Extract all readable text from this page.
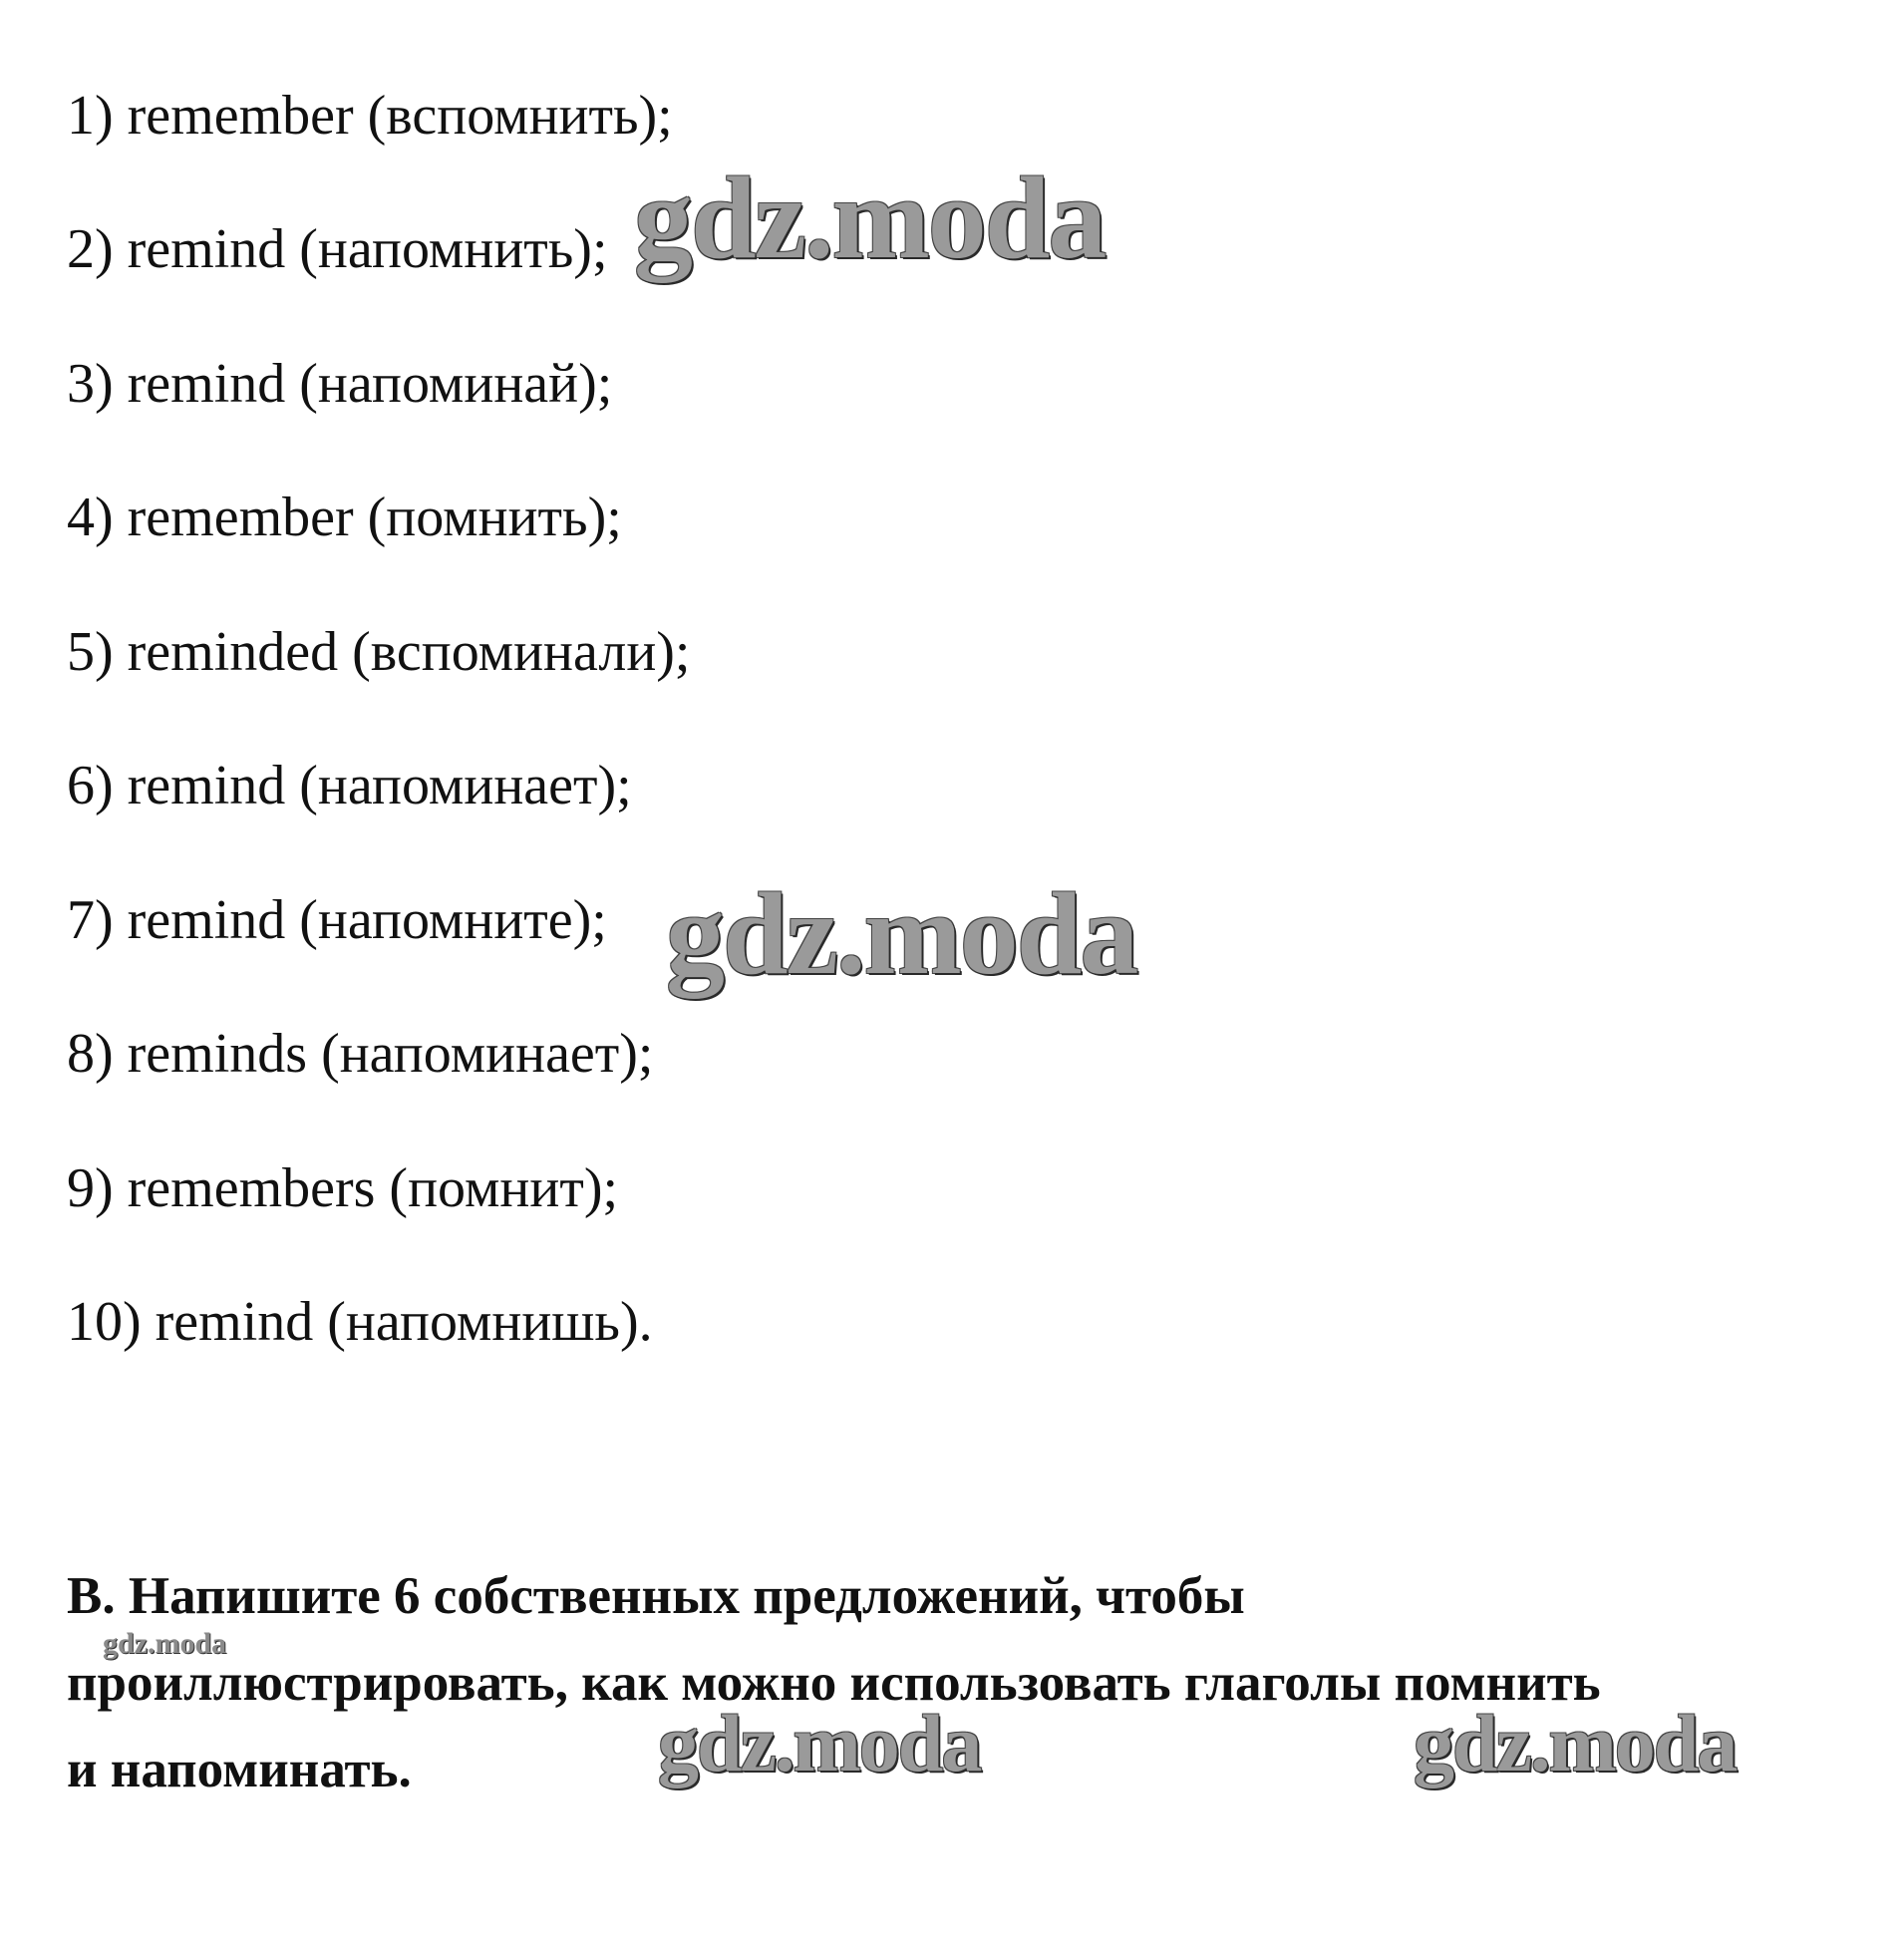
1) remember (вспомнить);
2) remind (напомнить);
3) remind (напоминай);
4) remember (помнить);
5) reminded (вспоминали);
6) remind (напоминает);
7) remind (напомните);
8) reminds (напоминает);
9) remembers (помнит);
10) remind (напомнишь).
B. Напишите 6 собственных предложений, чтобы
проиллюстрировать, как можно использовать глаголы помнить
и напоминать.
gdz.moda
gdz.moda
gdz.moda
gdz.moda	gdz.moda
